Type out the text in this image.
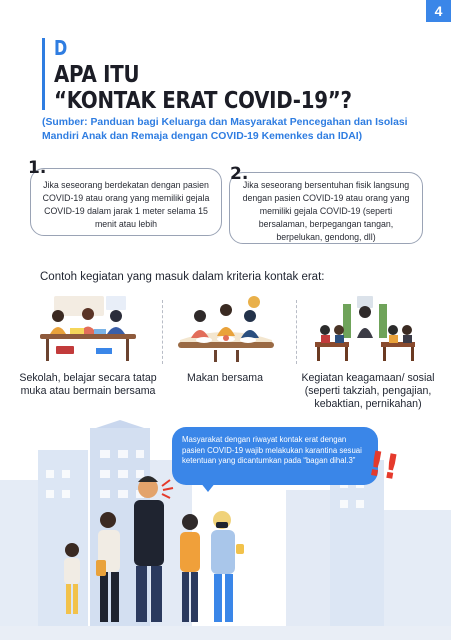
4
D
APA ITU
“KONTAK ERAT COVID-19”?
(Sumber: Panduan bagi Keluarga dan Masyarakat Pencegahan dan Isolasi Mandiri Anak dan Remaja dengan COVID-19 Kemenkes dan IDAI)
Jika seseorang berdekatan dengan pasien COVID-19 atau orang yang memiliki gejala COVID-19 dalam jarak 1 meter selama 15 menit atau lebih
1.
Jika seseorang bersentuhan fisik langsung dengan pasien COVID-19 atau orang yang memiliki gejala COVID-19 (seperti bersalaman, berpegangan tangan, berpelukan, gendong, dll)
2.
Contoh kegiatan yang masuk dalam kriteria kontak erat:
Sekolah, belajar secara tatap muka atau bermain bersama
Makan bersama	Kegiatan keagamaan/ sosial (seperti takziah, pengajian, kebaktian, pernikahan)
Masyarakat dengan riwayat kontak erat dengan pasien COVID-19 wajib melakukan karantina sesuai ketentuan yang dicantumkan pada “bagan dihal.3” !!
